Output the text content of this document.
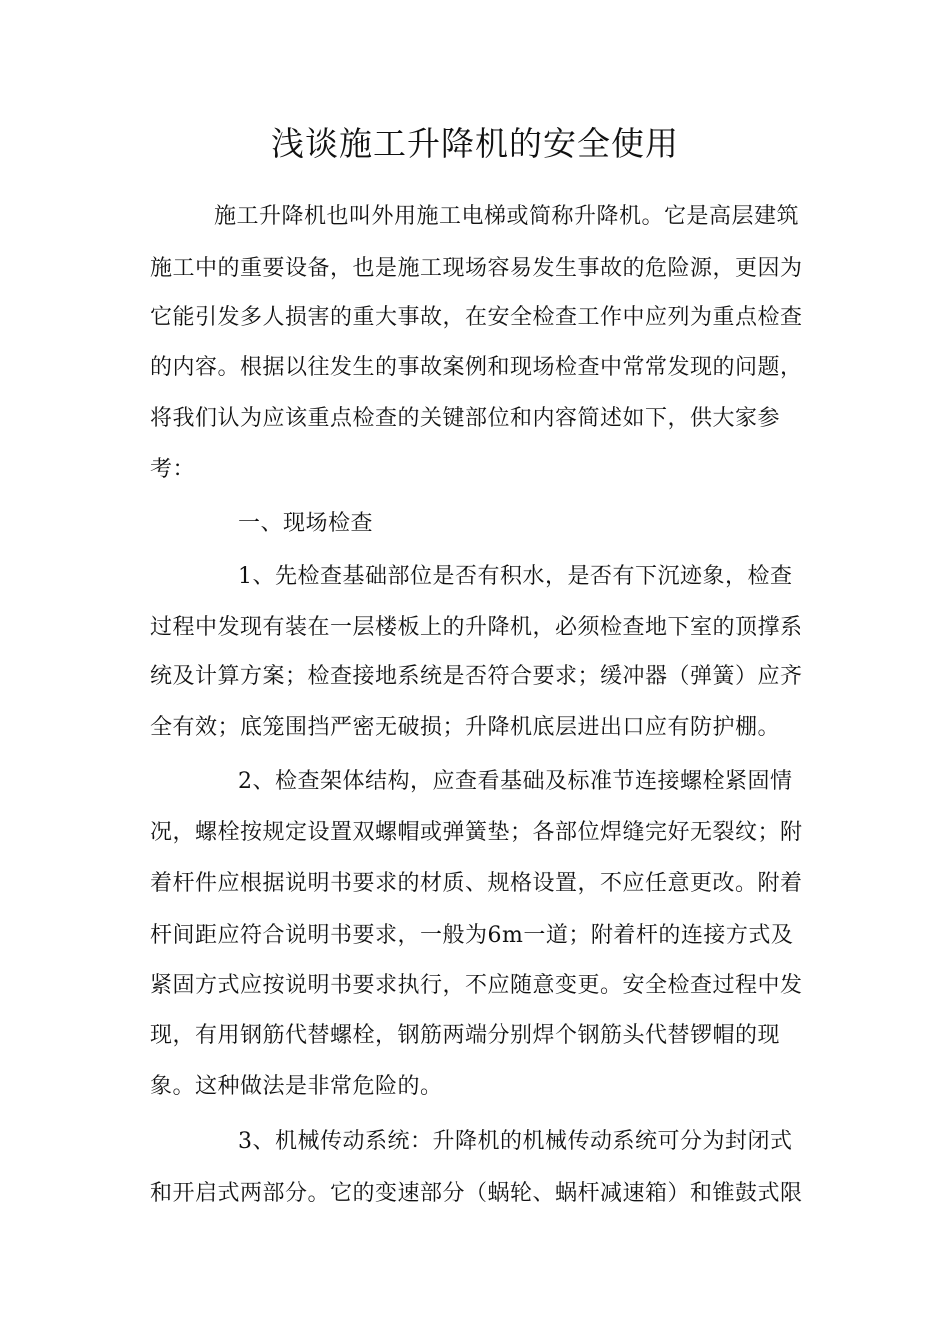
浅谈施工升降机的安全使用

施工升降机也叫外用施工电梯或简称升降机。它是高层建筑

施工中的重要设备，也是施工现场容易发生事故的危险源，更因为

它能引发多人损害的重大事故，在安全检查工作中应列为重点检查

的内容。根据以往发生的事故案例和现场检查中常常发现的问题，

将我们认为应该重点检查的关键部位和内容简述如下，供大家参

考：

一、现场检查

1、先检查基础部位是否有积水，是否有下沉迹象，检查

过程中发现有装在一层楼板上的升降机，必须检查地下室的顶撑系

统及计算方案；检查接地系统是否符合要求；缓冲器（弹簧）应齐

全有效；底笼围挡严密无破损；升降机底层进出口应有防护棚。

2、检查架体结构，应查看基础及标准节连接螺栓紧固情

况，螺栓按规定设置双螺帽或弹簧垫；各部位焊缝完好无裂纹；附

着杆件应根据说明书要求的材质、规格设置，不应任意更改。附着

杆间距应符合说明书要求，一般为6m一道；附着杆的连接方式及

紧固方式应按说明书要求执行，不应随意变更。安全检查过程中发

现，有用钢筋代替螺栓，钢筋两端分别焊个钢筋头代替锣帽的现

象。这种做法是非常危险的。

3、机械传动系统：升降机的机械传动系统可分为封闭式

和开启式两部分。它的变速部分（蜗轮、蜗杆减速箱）和锥鼓式限
